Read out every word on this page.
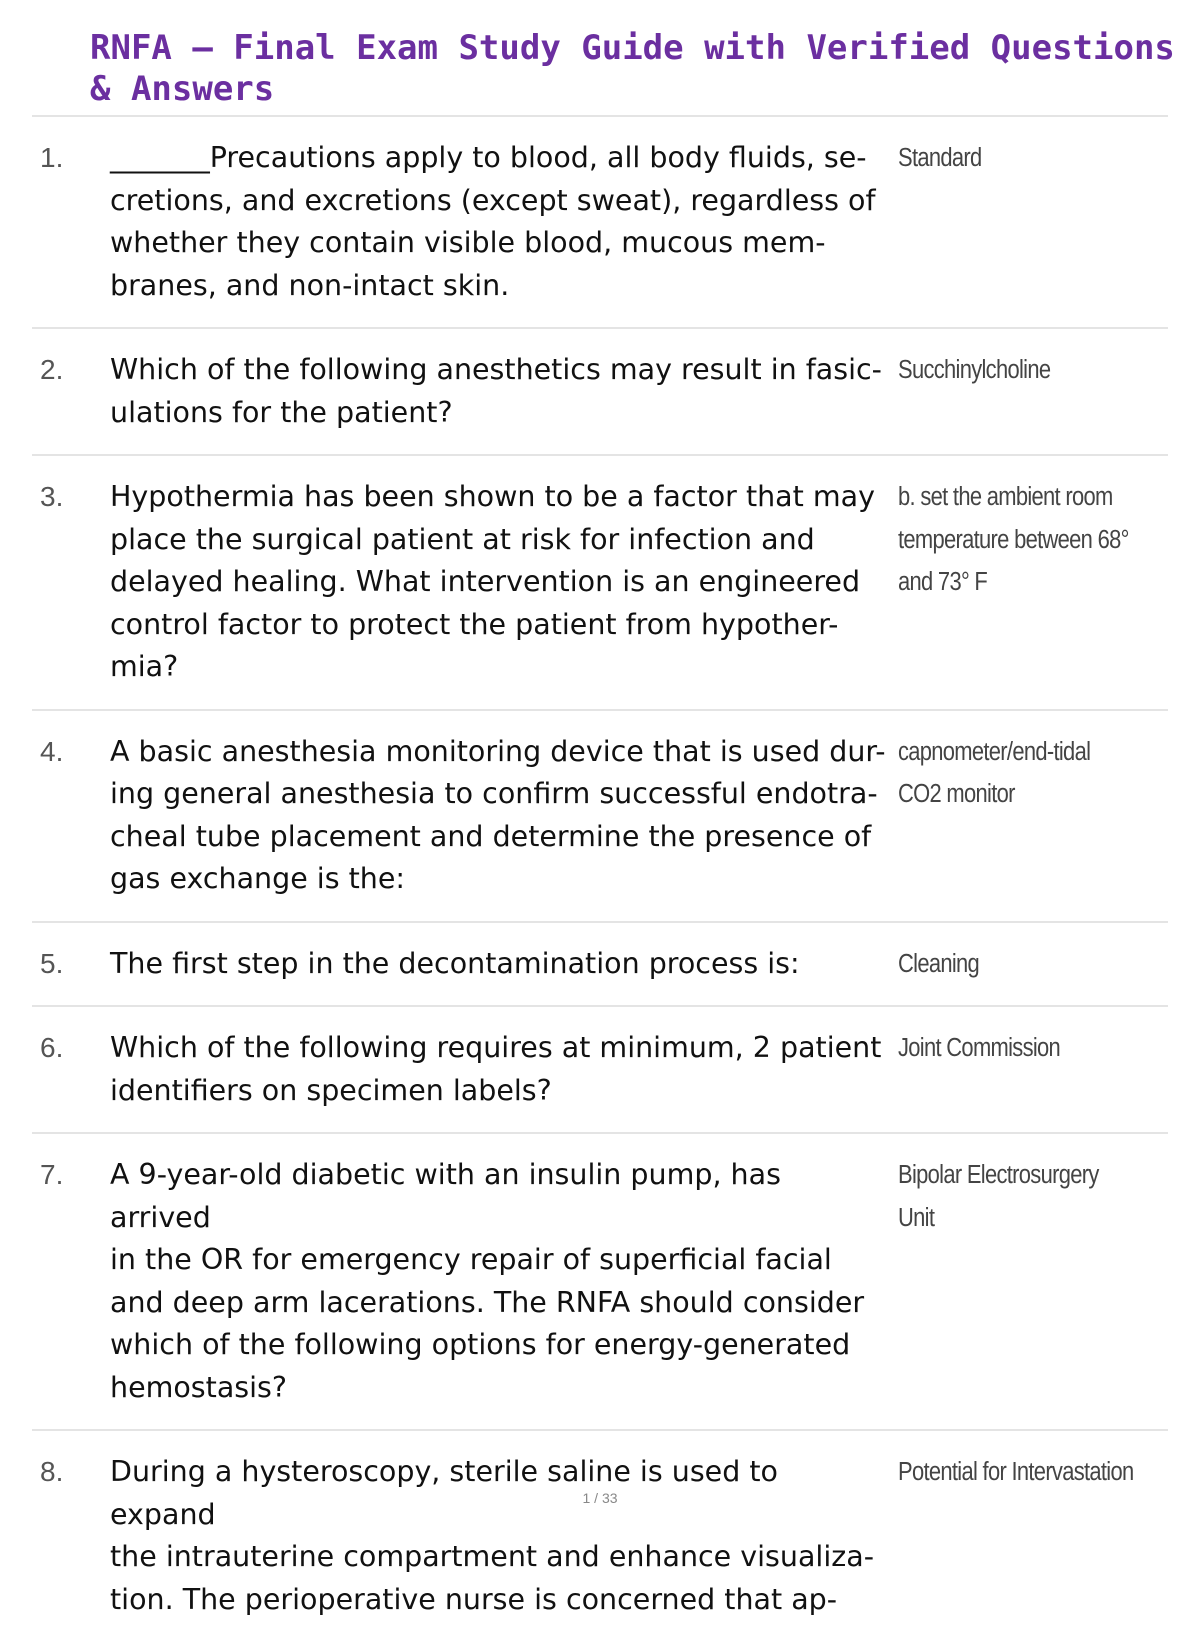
RNFA – Final Exam Study Guide with Verified Questions & Answers
1. _______Precautions apply to blood, all body fluids, se-
cretions, and excretions (except sweat), regardless of
whether they contain visible blood, mucous mem-
branes, and non-intact skin.
Standard
2. Which of the following anesthetics may result in fasic-
ulations for the patient?
Succhinylcholine
3. Hypothermia has been shown to be a factor that may
place the surgical patient at risk for infection and
delayed healing. What intervention is an engineered
control factor to protect the patient from hypother-
mia?
b. set the ambient room
temperature between 68°
and 73° F
4. A basic anesthesia monitoring device that is used dur-
ing general anesthesia to confirm successful endotra-
cheal tube placement and determine the presence of
gas exchange is the:
capnometer/end-tidal
CO2 monitor
5. The first step in the decontamination process is:	Cleaning
6. Which of the following requires at minimum, 2 patient
identifiers on specimen labels?
Joint Commission
7. A 9-year-old diabetic with an insulin pump, has arrived
in the OR for emergency repair of superficial facial
and deep arm lacerations. The RNFA should consider
which of the following options for energy-generated
hemostasis?
Bipolar Electrosurgery
Unit
8. During a hysteroscopy, sterile saline is used to expand
the intrauterine compartment and enhance visualiza-
tion. The perioperative nurse is concerned that ap-
Potential for Intervastation
1 / 33
